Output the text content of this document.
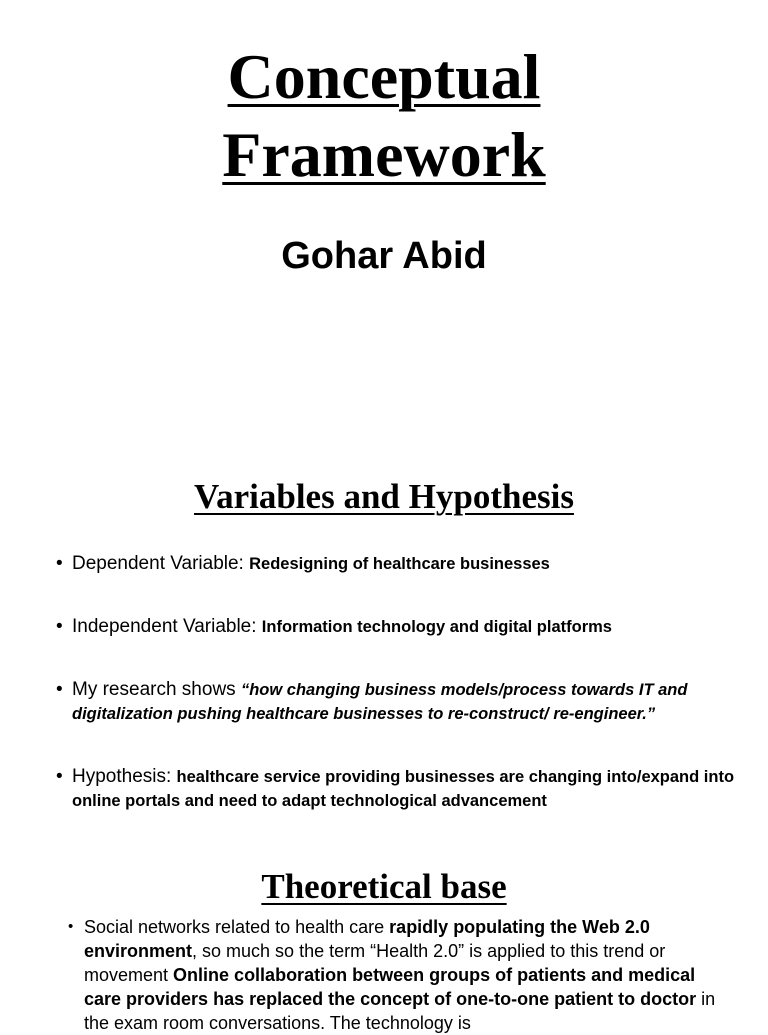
Conceptual
Framework
Gohar Abid
Variables and Hypothesis
• Dependent Variable: Redesigning of healthcare businesses
• Independent Variable: Information technology and digital platforms
• My research shows “how changing business models/process towards IT and digitalization pushing healthcare businesses to re-construct/ re-engineer.”
• Hypothesis: healthcare service providing businesses are changing into/expand into online portals and need to adapt technological advancement
Theoretical base
• Social networks related to health care rapidly populating the Web 2.0 environment, so much so the term “Health 2.0” is applied to this trend or movement Online collaboration between groups of patients and medical care providers has replaced the concept of one-to-one patient to doctor in the exam room conversations. The technology is
